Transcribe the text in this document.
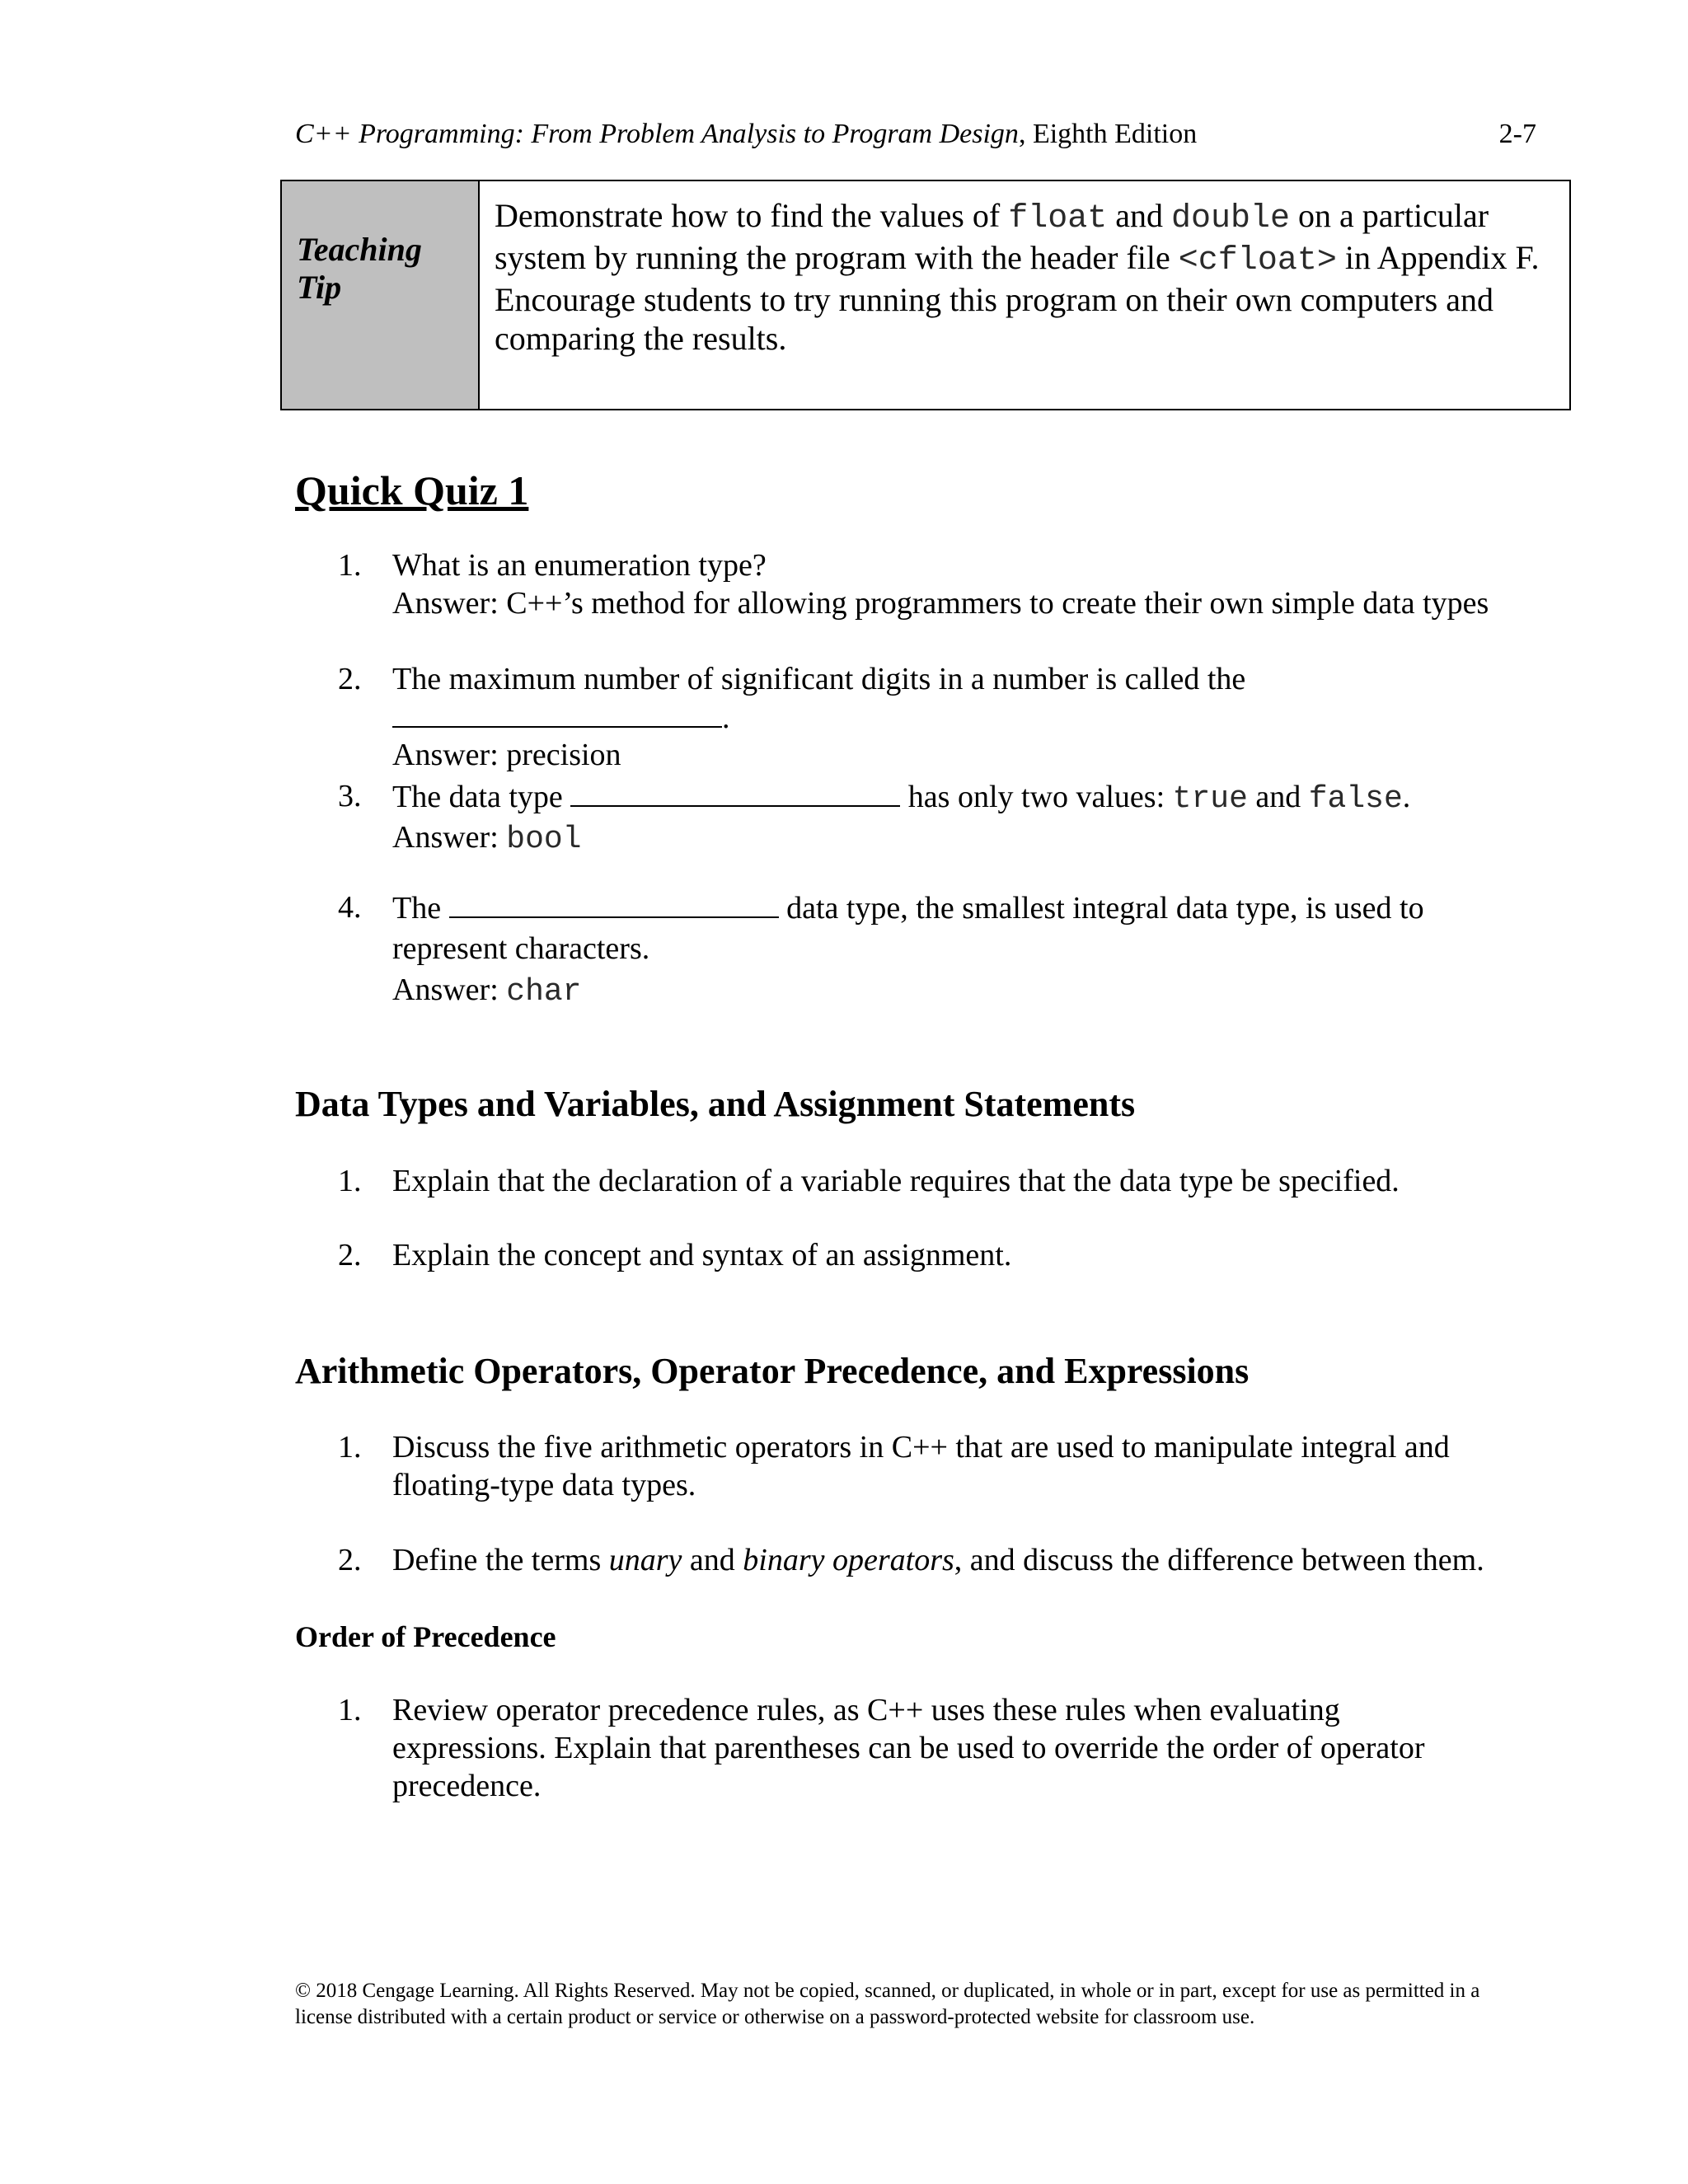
C++ Programming: From Problem Analysis to Program Design, Eighth Edition	2-7
Teaching
Tip
Demonstrate how to find the values of float and double on a particular
system by running the program with the header file <cfloat> in Appendix F.
Encourage students to try running this program on their own computers and
comparing the results.
Quick Quiz 1
1. What is an enumeration type?
Answer: C++’s method for allowing programmers to create their own simple data types
2. The maximum number of significant digits in a number is called the
.
Answer: precision
3. The data type	has only two values: true and false.
Answer: bool
4. The	data type, the smallest integral data type, is used to
represent characters.
Answer: char
Data Types and Variables, and Assignment Statements
1. Explain that the declaration of a variable requires that the data type be specified.
2. Explain the concept and syntax of an assignment.
Arithmetic Operators, Operator Precedence, and Expressions
1. Discuss the five arithmetic operators in C++ that are used to manipulate integral and
floating-type data types.
2. Define the terms unary and binary operators, and discuss the difference between them.
Order of Precedence
1. Review operator precedence rules, as C++ uses these rules when evaluating
expressions. Explain that parentheses can be used to override the order of operator
precedence.
© 2018 Cengage Learning. All Rights Reserved. May not be copied, scanned, or duplicated, in whole or in part, except for use as permitted in a
license distributed with a certain product or service or otherwise on a password-protected website for classroom use.
